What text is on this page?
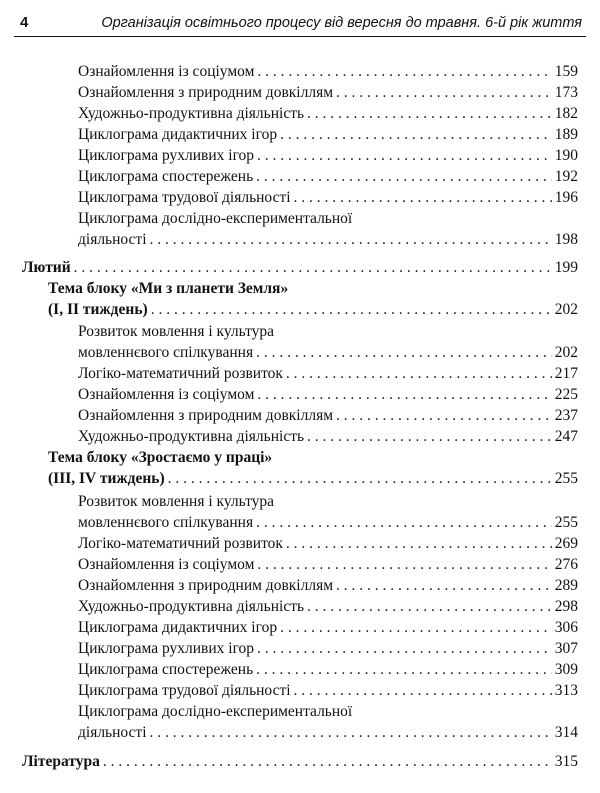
4	Організація освітнього процесу від вересня до травня. 6-й рік життя
Ознайомлення із соціумом . . .	159
Ознайомлення з природним довкіллям . . .	173
Художньо-продуктивна діяльність . . .	182
Циклограма дидактичних ігор . . .	189
Циклограма рухливих ігор . . .	190
Циклограма спостережень . . .	192
Циклограма трудової діяльності . . .	196
Циклограма дослідно-експериментальної
діяльності . . .	198
Лютий . . .	199
Тема блоку «Ми з планети Земля»
(І, ІІ тиждень) . . .	202
Розвиток мовлення і культура
мовленнєвого спілкування . . .	202
Логіко-математичний розвиток . . .	217
Ознайомлення із соціумом . . .	225
Ознайомлення з природним довкіллям . . .	237
Художньо-продуктивна діяльність . . .	247
Тема блоку «Зростаємо у праці»
(ІІІ, IV тиждень) . . .	255
Розвиток мовлення і культура
мовленнєвого спілкування . . .	255
Логіко-математичний розвиток . . .	269
Ознайомлення із соціумом . . .	276
Ознайомлення з природним довкіллям . . .	289
Художньо-продуктивна діяльність . . .	298
Циклограма дидактичних ігор . . .	306
Циклограма рухливих ігор . . .	307
Циклограма спостережень . . .	309
Циклограма трудової діяльності . . .	313
Циклограма дослідно-експериментальної
діяльності . . .	314
Література . . .	315
